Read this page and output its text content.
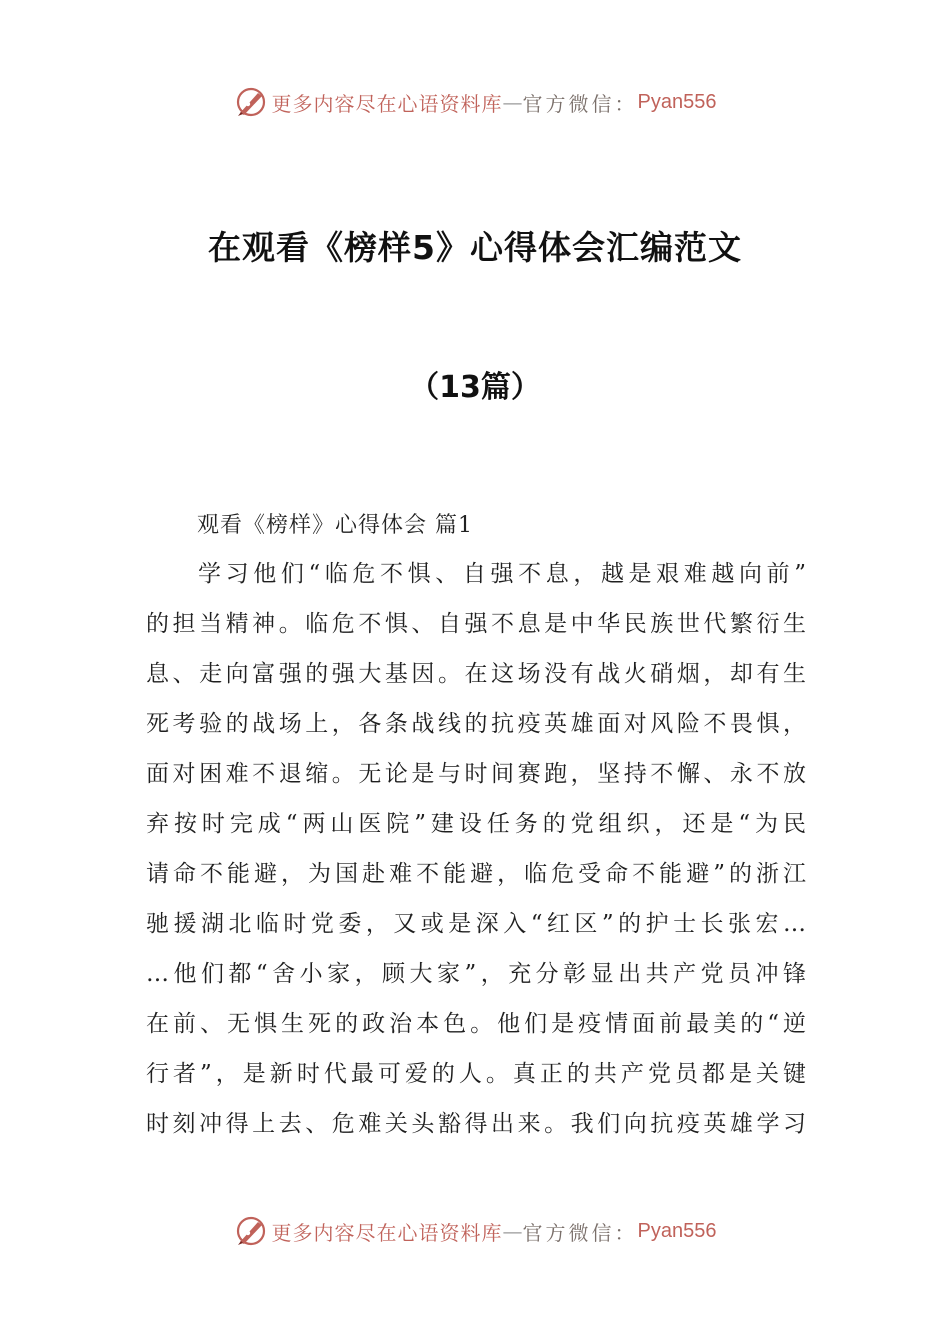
更多内容尽在心语资料库 — 官方微信： Pyan556
在观看《榜样5》心得体会汇编范文
（13篇）
观看《榜样》心得体会 篇1
学习他们“临危不惧、自强不息，越是艰难越向前”
的担当精神。临危不惧、自强不息是中华民族世代繁衍生
息、走向富强的强大基因。在这场没有战火硝烟，却有生
死考验的战场上，各条战线的抗疫英雄面对风险不畏惧，
面对困难不退缩。无论是与时间赛跑，坚持不懈、永不放
弃按时完成“两山医院”建设任务的党组织，还是“为民
请命不能避，为国赴难不能避，临危受命不能避”的浙江
驰援湖北临时党委，又或是深入“红区”的护士长张宏…
…他们都“舍小家，顾大家”，充分彰显出共产党员冲锋
在前、无惧生死的政治本色。他们是疫情面前最美的“逆
行者”，是新时代最可爱的人。真正的共产党员都是关键
时刻冲得上去、危难关头豁得出来。我们向抗疫英雄学习
更多内容尽在心语资料库 — 官方微信： Pyan556
